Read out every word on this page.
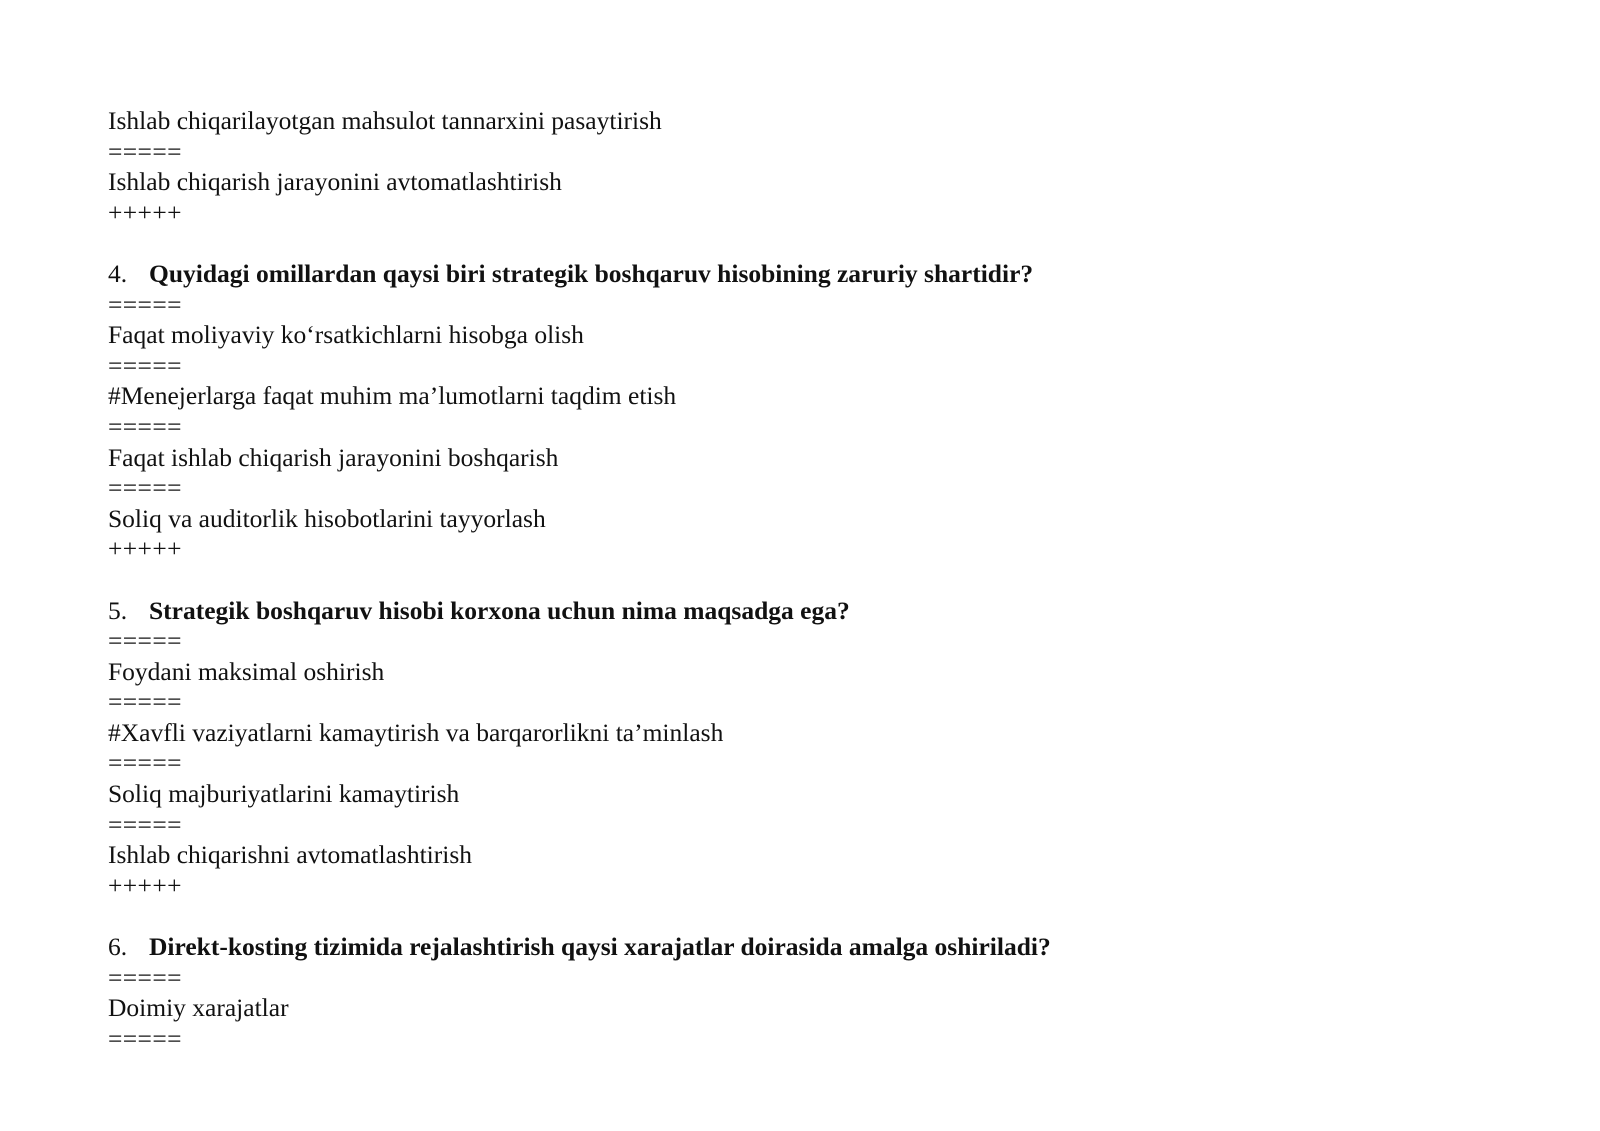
Ishlab chiqarilayotgan mahsulot tannarxini pasaytirish
=====
Ishlab chiqarish jarayonini avtomatlashtirish
+++++
4. Quyidagi omillardan qaysi biri strategik boshqaruv hisobining zaruriy shartidir?
=====
Faqat moliyaviy ko‘rsatkichlarni hisobga olish
=====
#Menejerlarga faqat muhim ma’lumotlarni taqdim etish
=====
Faqat ishlab chiqarish jarayonini boshqarish
=====
Soliq va auditorlik hisobotlarini tayyorlash
+++++
5. Strategik boshqaruv hisobi korxona uchun nima maqsadga ega?
=====
Foydani maksimal oshirish
=====
#Xavfli vaziyatlarni kamaytirish va barqarorlikni ta’minlash
=====
Soliq majburiyatlarini kamaytirish
=====
Ishlab chiqarishni avtomatlashtirish
+++++
6. Direkt-kosting tizimida rejalashtirish qaysi xarajatlar doirasida amalga oshiriladi?
=====
Doimiy xarajatlar
=====
